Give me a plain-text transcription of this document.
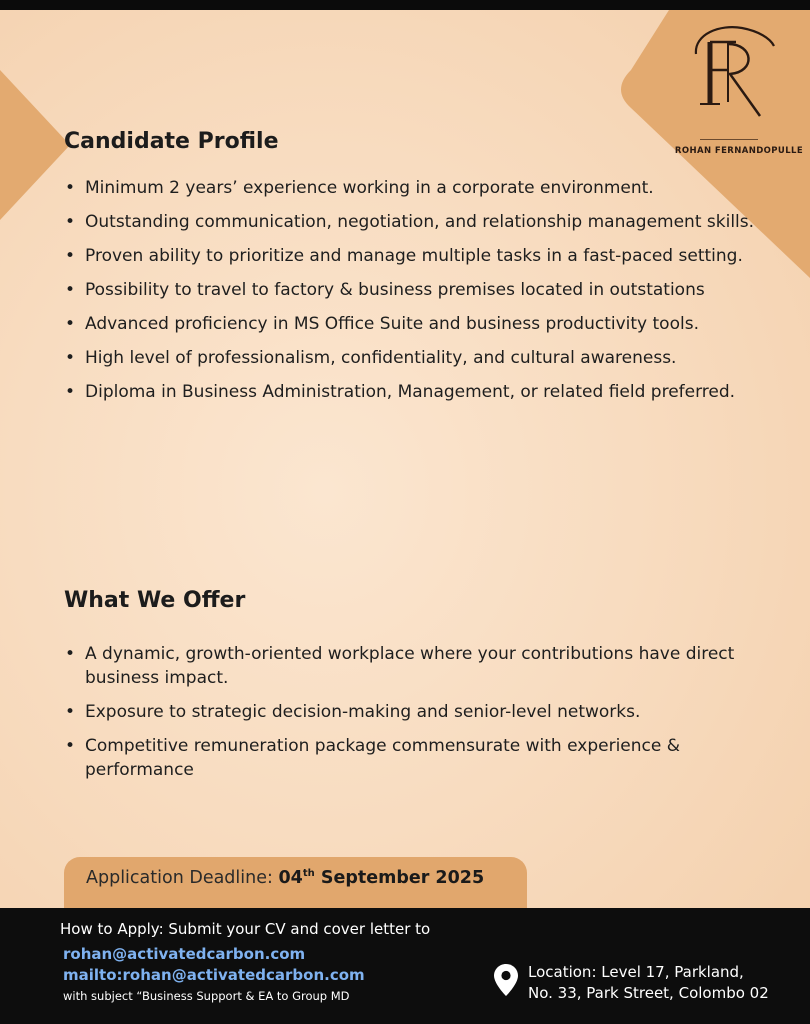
ROHAN FERNANDOPULLE
Candidate Profile
• Minimum 2 years’ experience working in a corporate environment.
• Outstanding communication, negotiation, and relationship management skills.
• Proven ability to prioritize and manage multiple tasks in a fast-paced setting.
• Possibility to travel to factory & business premises located in outstations
• Advanced proficiency in MS Office Suite and business productivity tools.
• High level of professionalism, confidentiality, and cultural awareness.
• Diploma in Business Administration, Management, or related field preferred.
What We Offer
• A dynamic, growth-oriented workplace where your contributions have direct business impact.
• Exposure to strategic decision-making and senior-level networks.
• Competitive remuneration package commensurate with experience & performance
Application Deadline: 04th September 2025
How to Apply: Submit your CV and cover letter to
rohan@activatedcarbon.com
mailto:rohan@activatedcarbon.com
with subject “Business Support & EA to Group MD
Location: Level 17, Parkland,
No. 33, Park Street, Colombo 02
